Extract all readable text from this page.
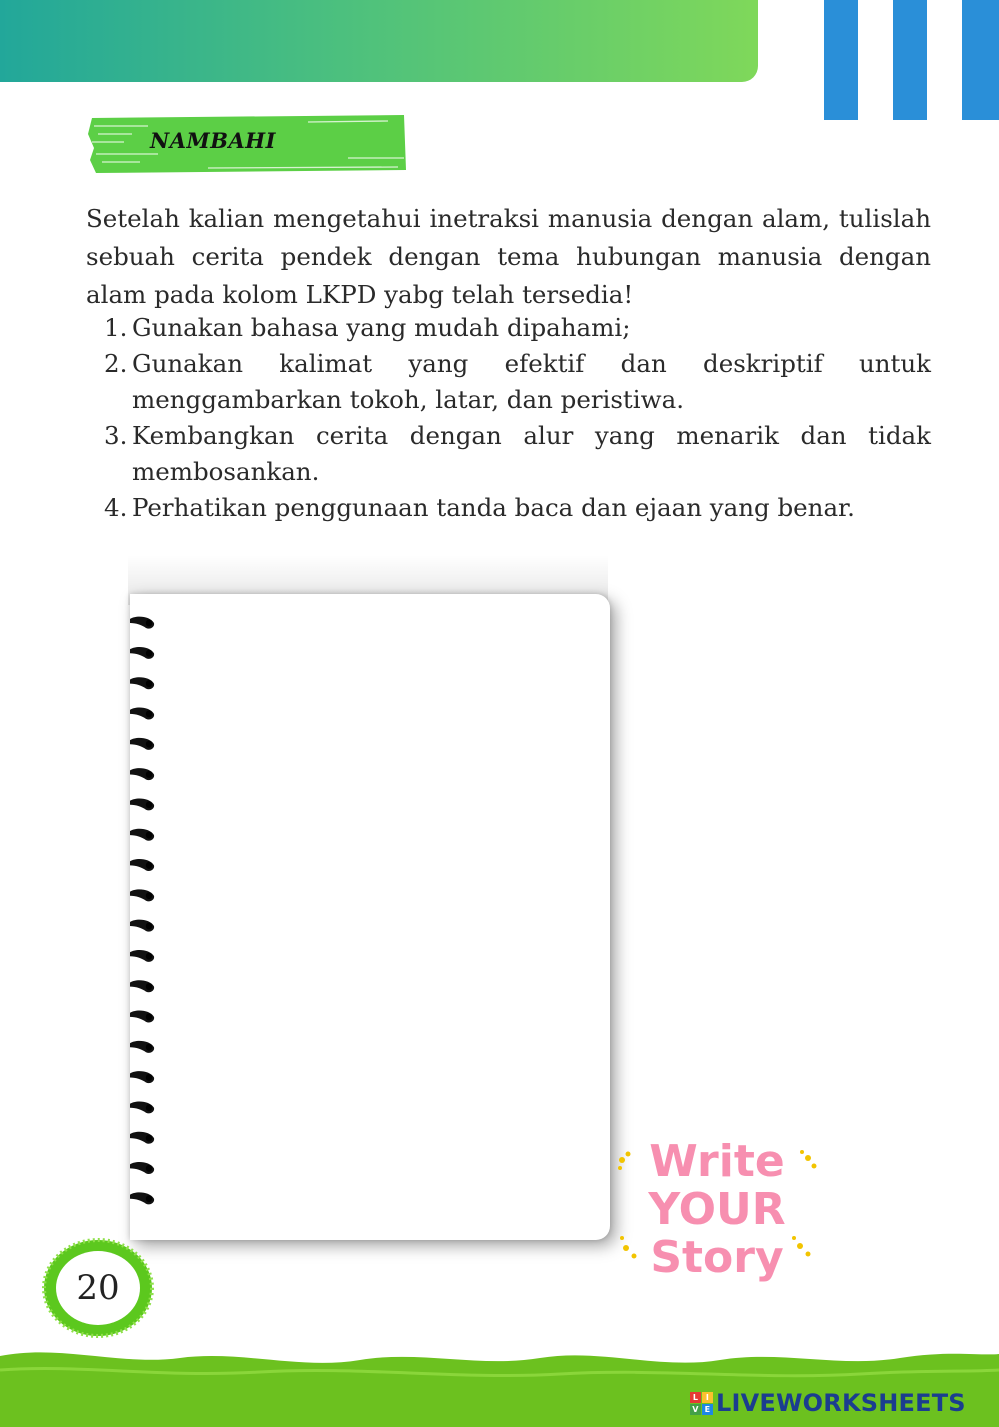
NAMBAHI

Setelah kalian mengetahui inetraksi manusia dengan alam, tulislah sebuah cerita pendek dengan tema hubungan manusia dengan alam pada kolom LKPD yabg telah tersedia!

1. Gunakan bahasa yang mudah dipahami;
2. Gunakan kalimat yang efektif dan deskriptif untuk menggambarkan tokoh, latar, dan peristiwa.
3. Kembangkan cerita dengan alur yang menarik dan tidak membosankan.
4. Perhatikan penggunaan tanda baca dan ejaan yang benar.
Write
YOUR
Story
20
L I
V E LIVEWORKSHEETS
